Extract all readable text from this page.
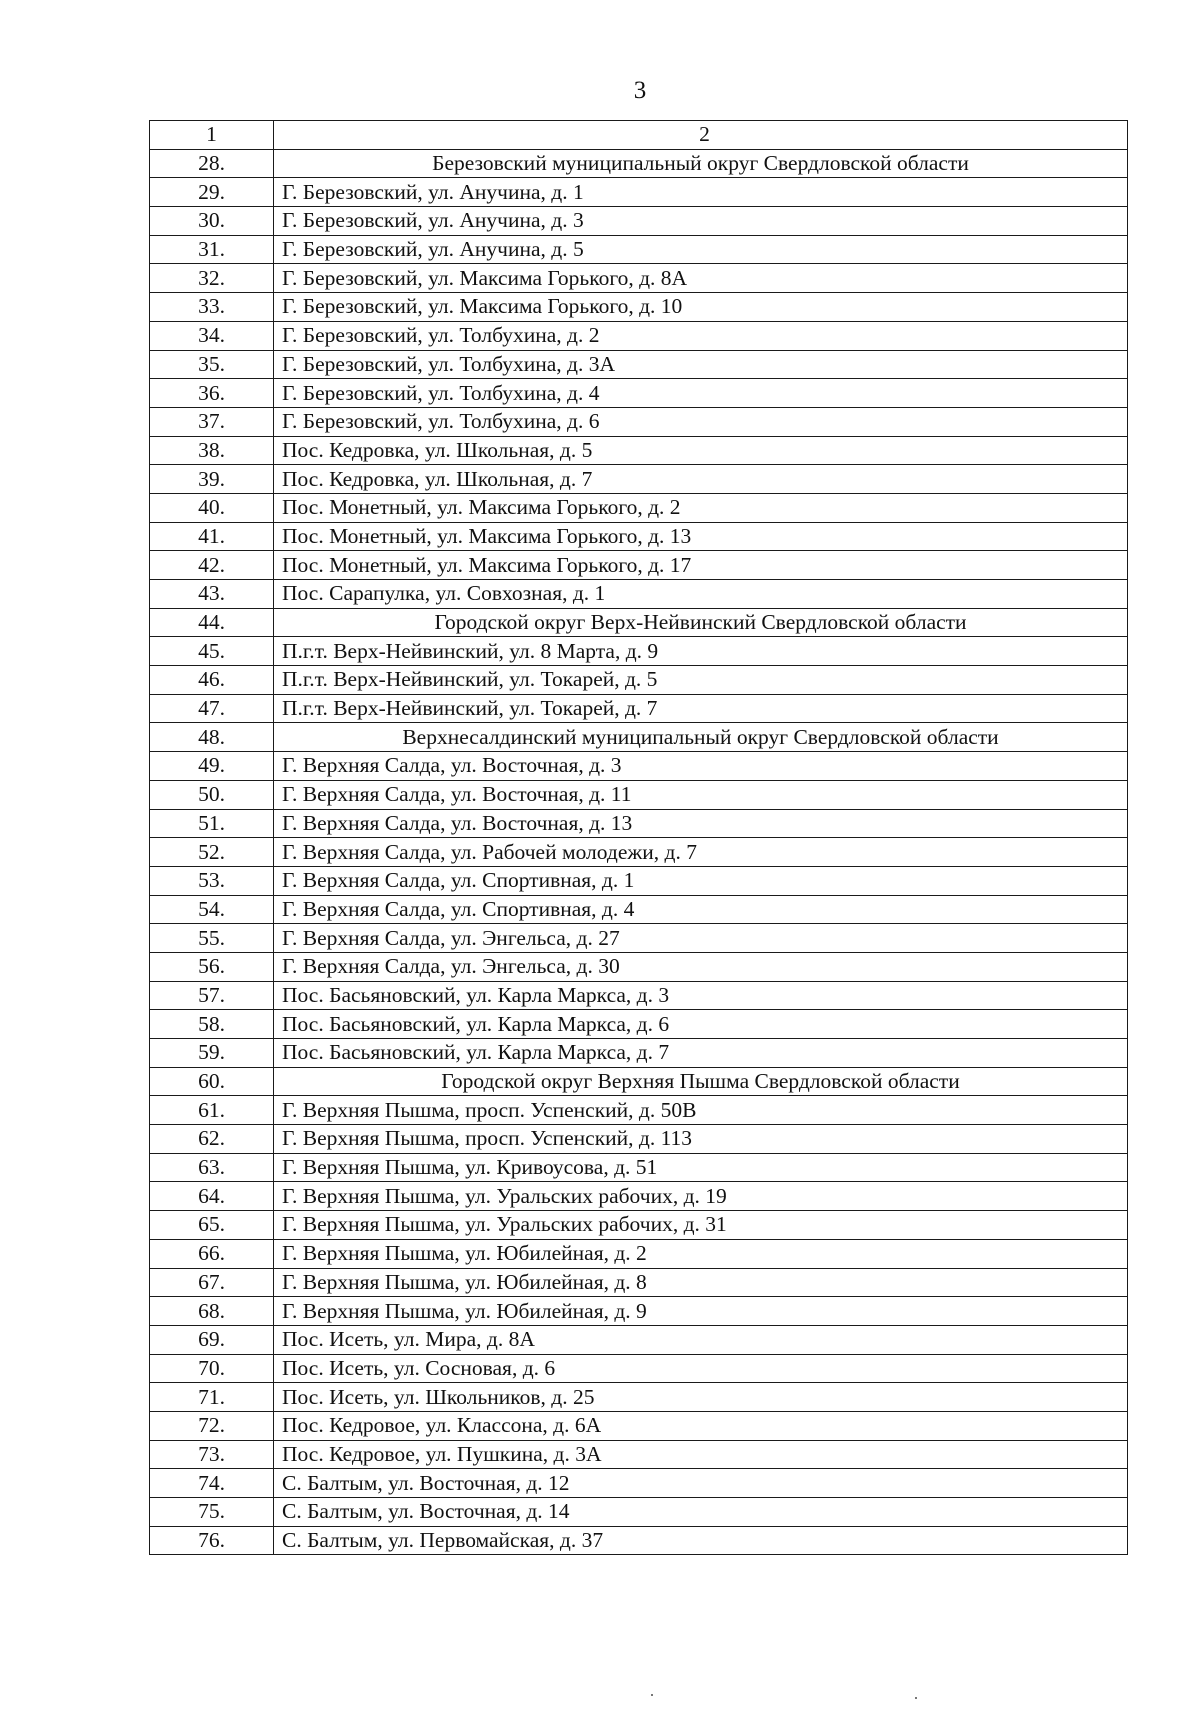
3
1	2
28.	Березовский муниципальный округ Свердловской области
29.	Г. Березовский, ул. Анучина, д. 1
30.	Г. Березовский, ул. Анучина, д. 3
31.	Г. Березовский, ул. Анучина, д. 5
32.	Г. Березовский, ул. Максима Горького, д. 8А
33.	Г. Березовский, ул. Максима Горького, д. 10
34.	Г. Березовский, ул. Толбухина, д. 2
35.	Г. Березовский, ул. Толбухина, д. 3А
36.	Г. Березовский, ул. Толбухина, д. 4
37.	Г. Березовский, ул. Толбухина, д. 6
38.	Пос. Кедровка, ул. Школьная, д. 5
39.	Пос. Кедровка, ул. Школьная, д. 7
40.	Пос. Монетный, ул. Максима Горького, д. 2
41.	Пос. Монетный, ул. Максима Горького, д. 13
42.	Пос. Монетный, ул. Максима Горького, д. 17
43.	Пос. Сарапулка, ул. Совхозная, д. 1
44.	Городской округ Верх-Нейвинский Свердловской области
45.	П.г.т. Верх-Нейвинский, ул. 8 Марта, д. 9
46.	П.г.т. Верх-Нейвинский, ул. Токарей, д. 5
47.	П.г.т. Верх-Нейвинский, ул. Токарей, д. 7
48.	Верхнесалдинский муниципальный округ Свердловской области
49.	Г. Верхняя Салда, ул. Восточная, д. 3
50.	Г. Верхняя Салда, ул. Восточная, д. 11
51.	Г. Верхняя Салда, ул. Восточная, д. 13
52.	Г. Верхняя Салда, ул. Рабочей молодежи, д. 7
53.	Г. Верхняя Салда, ул. Спортивная, д. 1
54.	Г. Верхняя Салда, ул. Спортивная, д. 4
55.	Г. Верхняя Салда, ул. Энгельса, д. 27
56.	Г. Верхняя Салда, ул. Энгельса, д. 30
57.	Пос. Басьяновский, ул. Карла Маркса, д. 3
58.	Пос. Басьяновский, ул. Карла Маркса, д. 6
59.	Пос. Басьяновский, ул. Карла Маркса, д. 7
60.	Городской округ Верхняя Пышма Свердловской области
61.	Г. Верхняя Пышма, просп. Успенский, д. 50В
62.	Г. Верхняя Пышма, просп. Успенский, д. 113
63.	Г. Верхняя Пышма, ул. Кривоусова, д. 51
64.	Г. Верхняя Пышма, ул. Уральских рабочих, д. 19
65.	Г. Верхняя Пышма, ул. Уральских рабочих, д. 31
66.	Г. Верхняя Пышма, ул. Юбилейная, д. 2
67.	Г. Верхняя Пышма, ул. Юбилейная, д. 8
68.	Г. Верхняя Пышма, ул. Юбилейная, д. 9
69.	Пос. Исеть, ул. Мира, д. 8А
70.	Пос. Исеть, ул. Сосновая, д. 6
71.	Пос. Исеть, ул. Школьников, д. 25
72.	Пос. Кедровое, ул. Классона, д. 6А
73.	Пос. Кедровое, ул. Пушкина, д. 3А
74.	С. Балтым, ул. Восточная, д. 12
75.	С. Балтым, ул. Восточная, д. 14
76.	С. Балтым, ул. Первомайская, д. 37
